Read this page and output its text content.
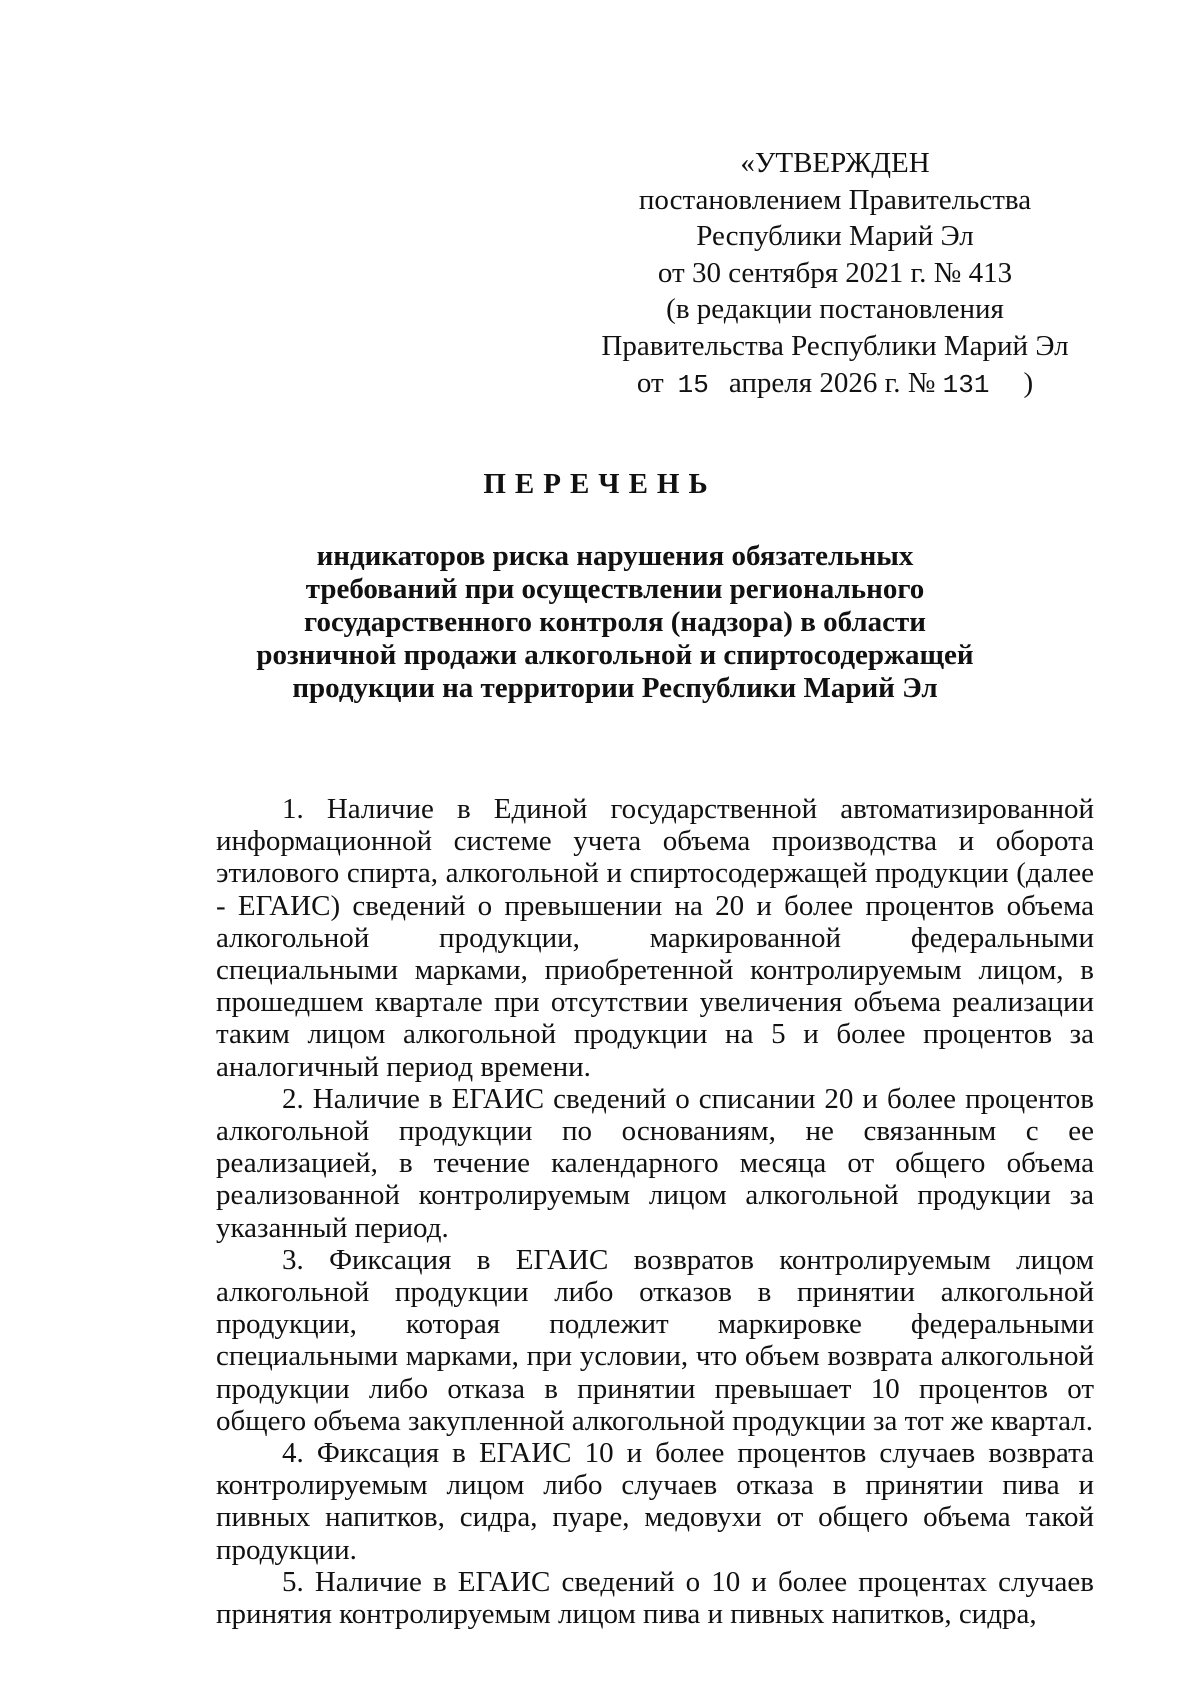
«УТВЕРЖДЕН
постановлением Правительства
Республики Марий Эл
от 30 сентября 2021 г. № 413
(в редакции постановления
Правительства Республики Марий Эл
от 15 апреля 2026 г. № 131 )
ПЕРЕЧЕНЬ
индикаторов риска нарушения обязательных
требований при осуществлении регионального
государственного контроля (надзора) в области
розничной продажи алкогольной и спиртосодержащей
продукции на территории Республики Марий Эл

1. Наличие в Единой государственной автоматизированной информационной системе учета объема производства и оборота этилового спирта, алкогольной и спиртосодержащей продукции (далее - ЕГАИС) сведений о превышении на 20 и более процентов объема алкогольной продукции, маркированной федеральными специальными марками, приобретенной контролируемым лицом, в прошедшем квартале при отсутствии увеличения объема реализации таким лицом алкогольной продукции на 5 и более процентов за аналогичный период времени.

2. Наличие в ЕГАИС сведений о списании 20 и более процентов алкогольной продукции по основаниям, не связанным с ее реализацией, в течение календарного месяца от общего объема реализованной контролируемым лицом алкогольной продукции за указанный период.

3. Фиксация в ЕГАИС возвратов контролируемым лицом алкогольной продукции либо отказов в принятии алкогольной продукции, которая подлежит маркировке федеральными специальными марками, при условии, что объем возврата алкогольной продукции либо отказа в принятии превышает 10 процентов от общего объема закупленной алкогольной продукции за тот же квартал.

4. Фиксация в ЕГАИС 10 и более процентов случаев возврата контролируемым лицом либо случаев отказа в принятии пива и пивных напитков, сидра, пуаре, медовухи от общего объема такой продукции.

5. Наличие в ЕГАИС сведений о 10 и более процентах случаев принятия контролируемым лицом пива и пивных напитков, сидра,
